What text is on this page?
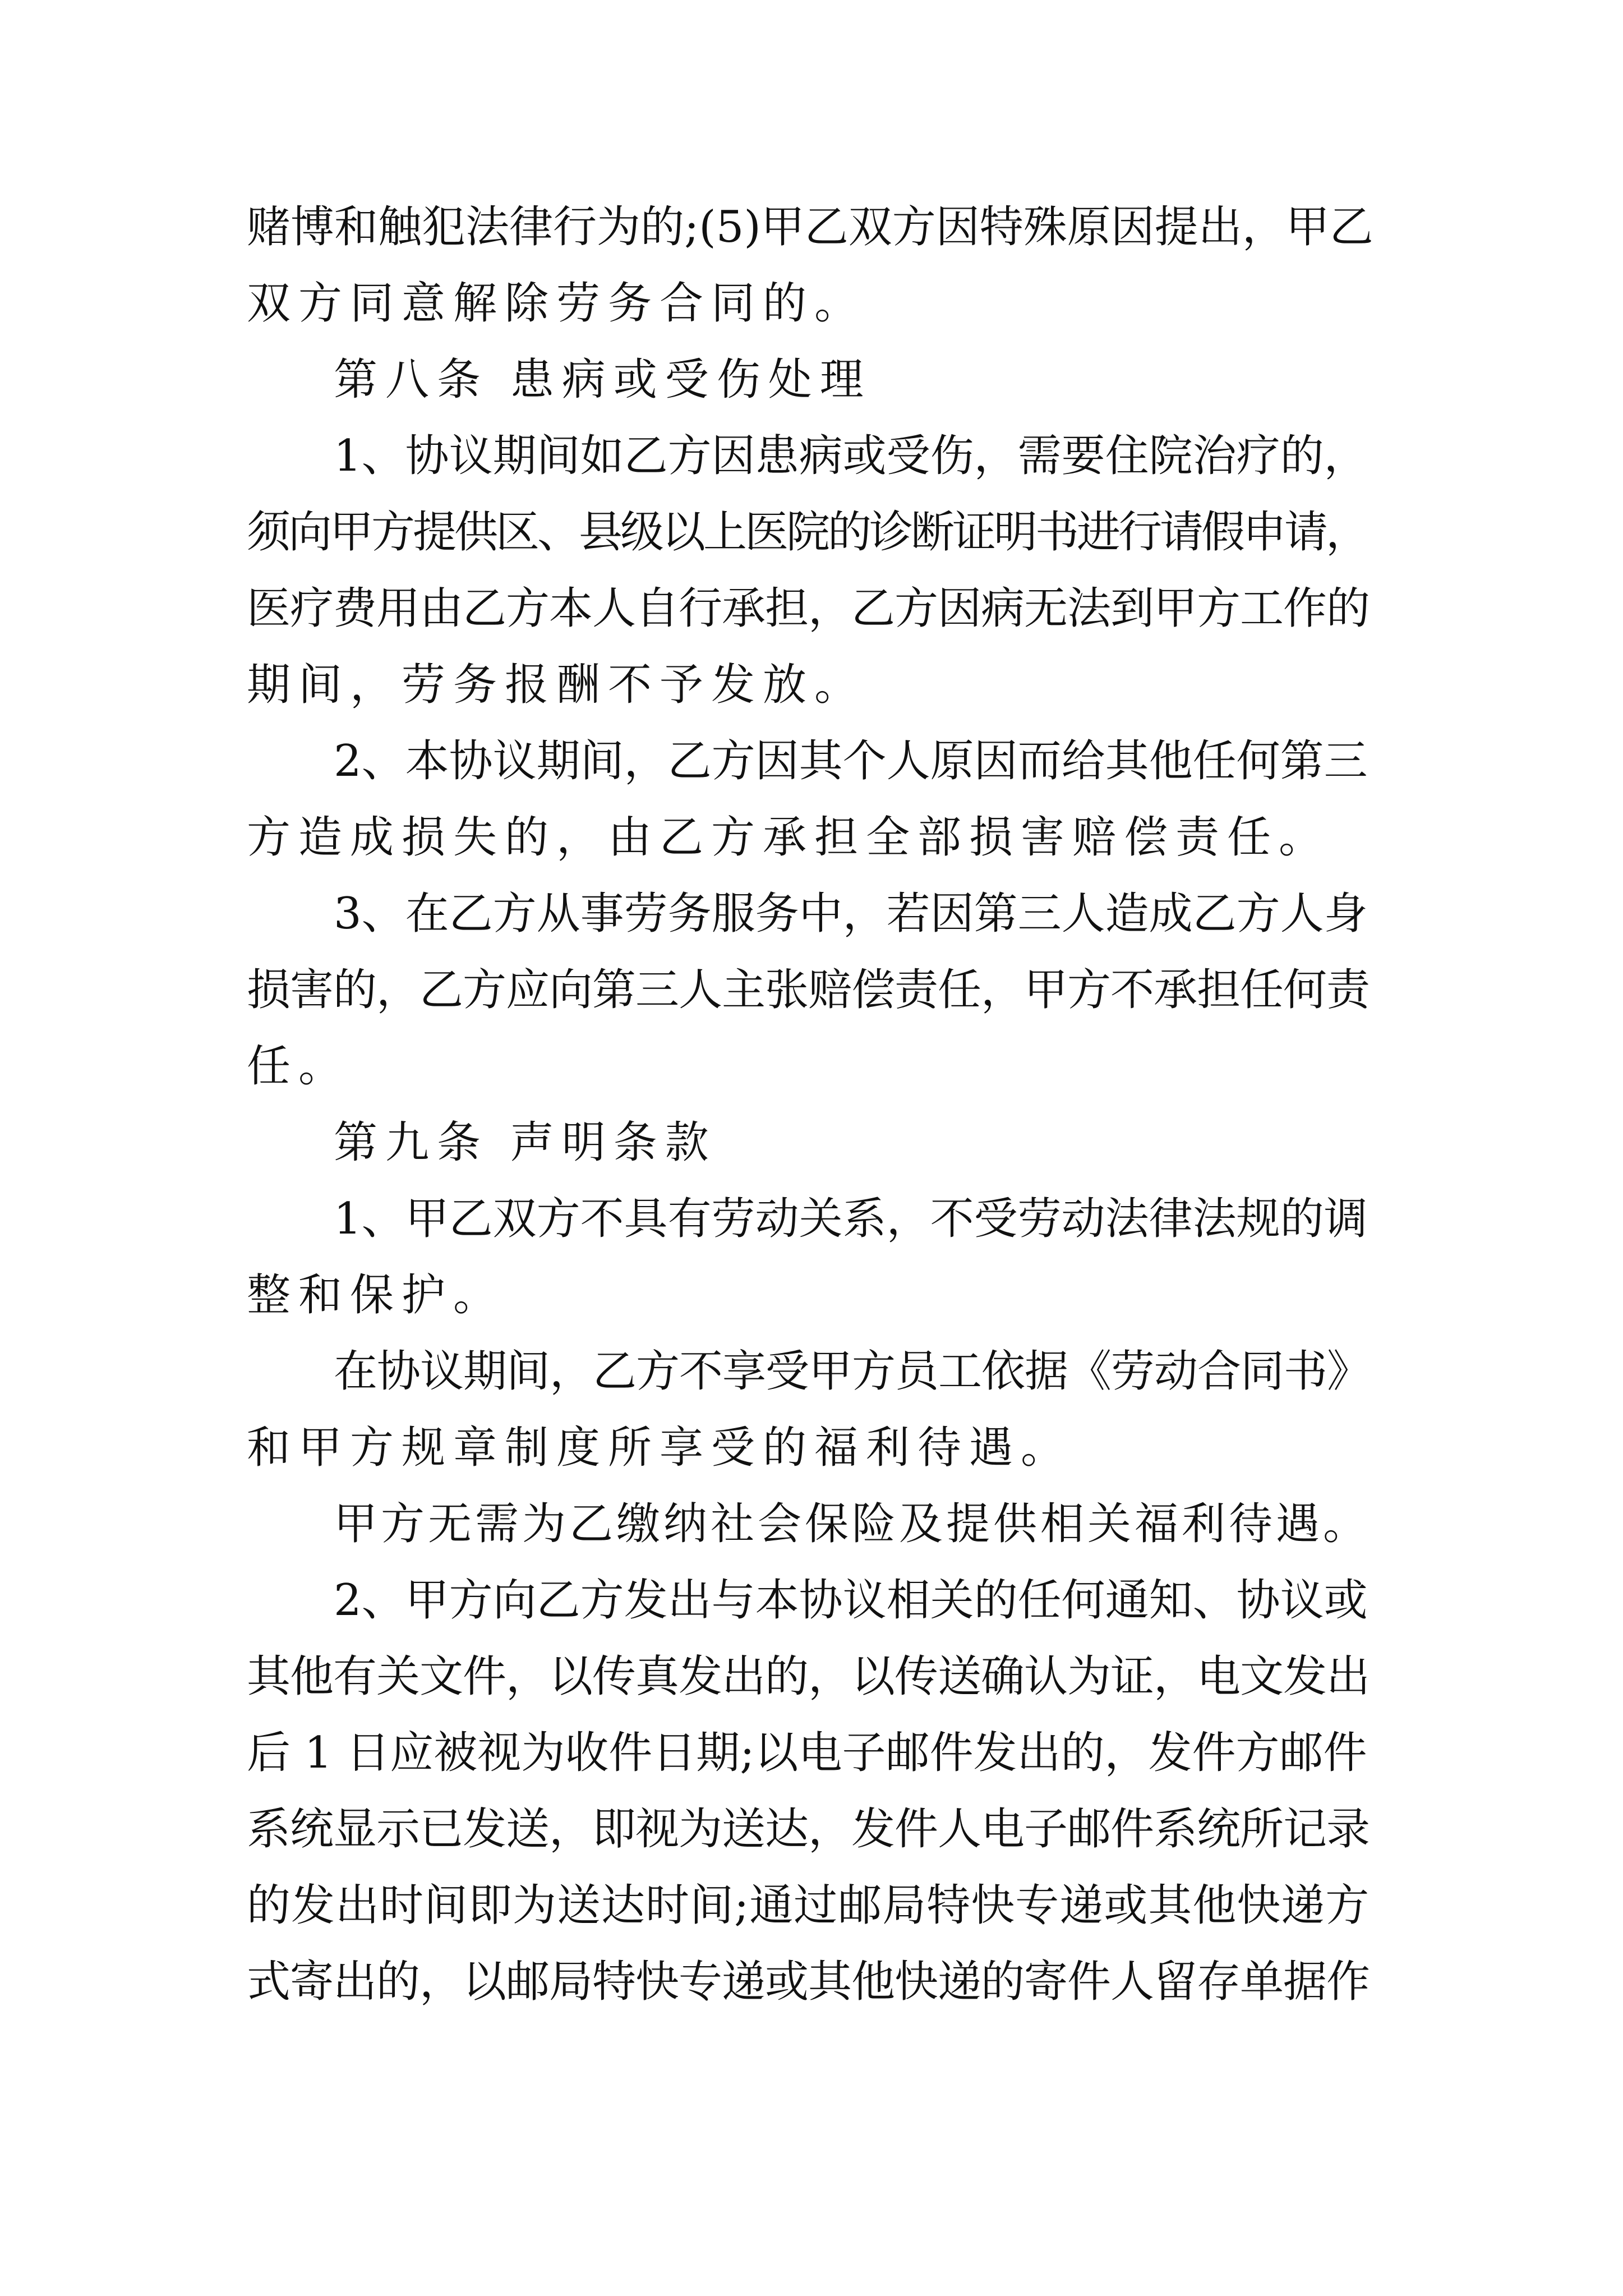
赌博和触犯法律行为的;(5)甲乙双方因特殊原因提出，甲乙
双方同意解除劳务合同的。
第八条 患病或受伤处理
1、协议期间如乙方因患病或受伤，需要住院治疗的，
须向甲方提供区、县级以上医院的诊断证明书进行请假申请，
医疗费用由乙方本人自行承担，乙方因病无法到甲方工作的
期间，劳务报酬不予发放。
2、本协议期间，乙方因其个人原因而给其他任何第三
方造成损失的，由乙方承担全部损害赔偿责任。
3、在乙方从事劳务服务中，若因第三人造成乙方人身
损害的，乙方应向第三人主张赔偿责任，甲方不承担任何责
任。
第九条 声明条款
1、甲乙双方不具有劳动关系，不受劳动法律法规的调
整和保护。
在协议期间，乙方不享受甲方员工依据《劳动合同书》
和甲方规章制度所享受的福利待遇。
甲方无需为乙缴纳社会保险及提供相关福利待遇。
2、甲方向乙方发出与本协议相关的任何通知、协议或
其他有关文件，以传真发出的，以传送确认为证，电文发出
后 1 日应被视为收件日期;以电子邮件发出的，发件方邮件
系统显示已发送，即视为送达，发件人电子邮件系统所记录
的发出时间即为送达时间;通过邮局特快专递或其他快递方
式寄出的，以邮局特快专递或其他快递的寄件人留存单据作
